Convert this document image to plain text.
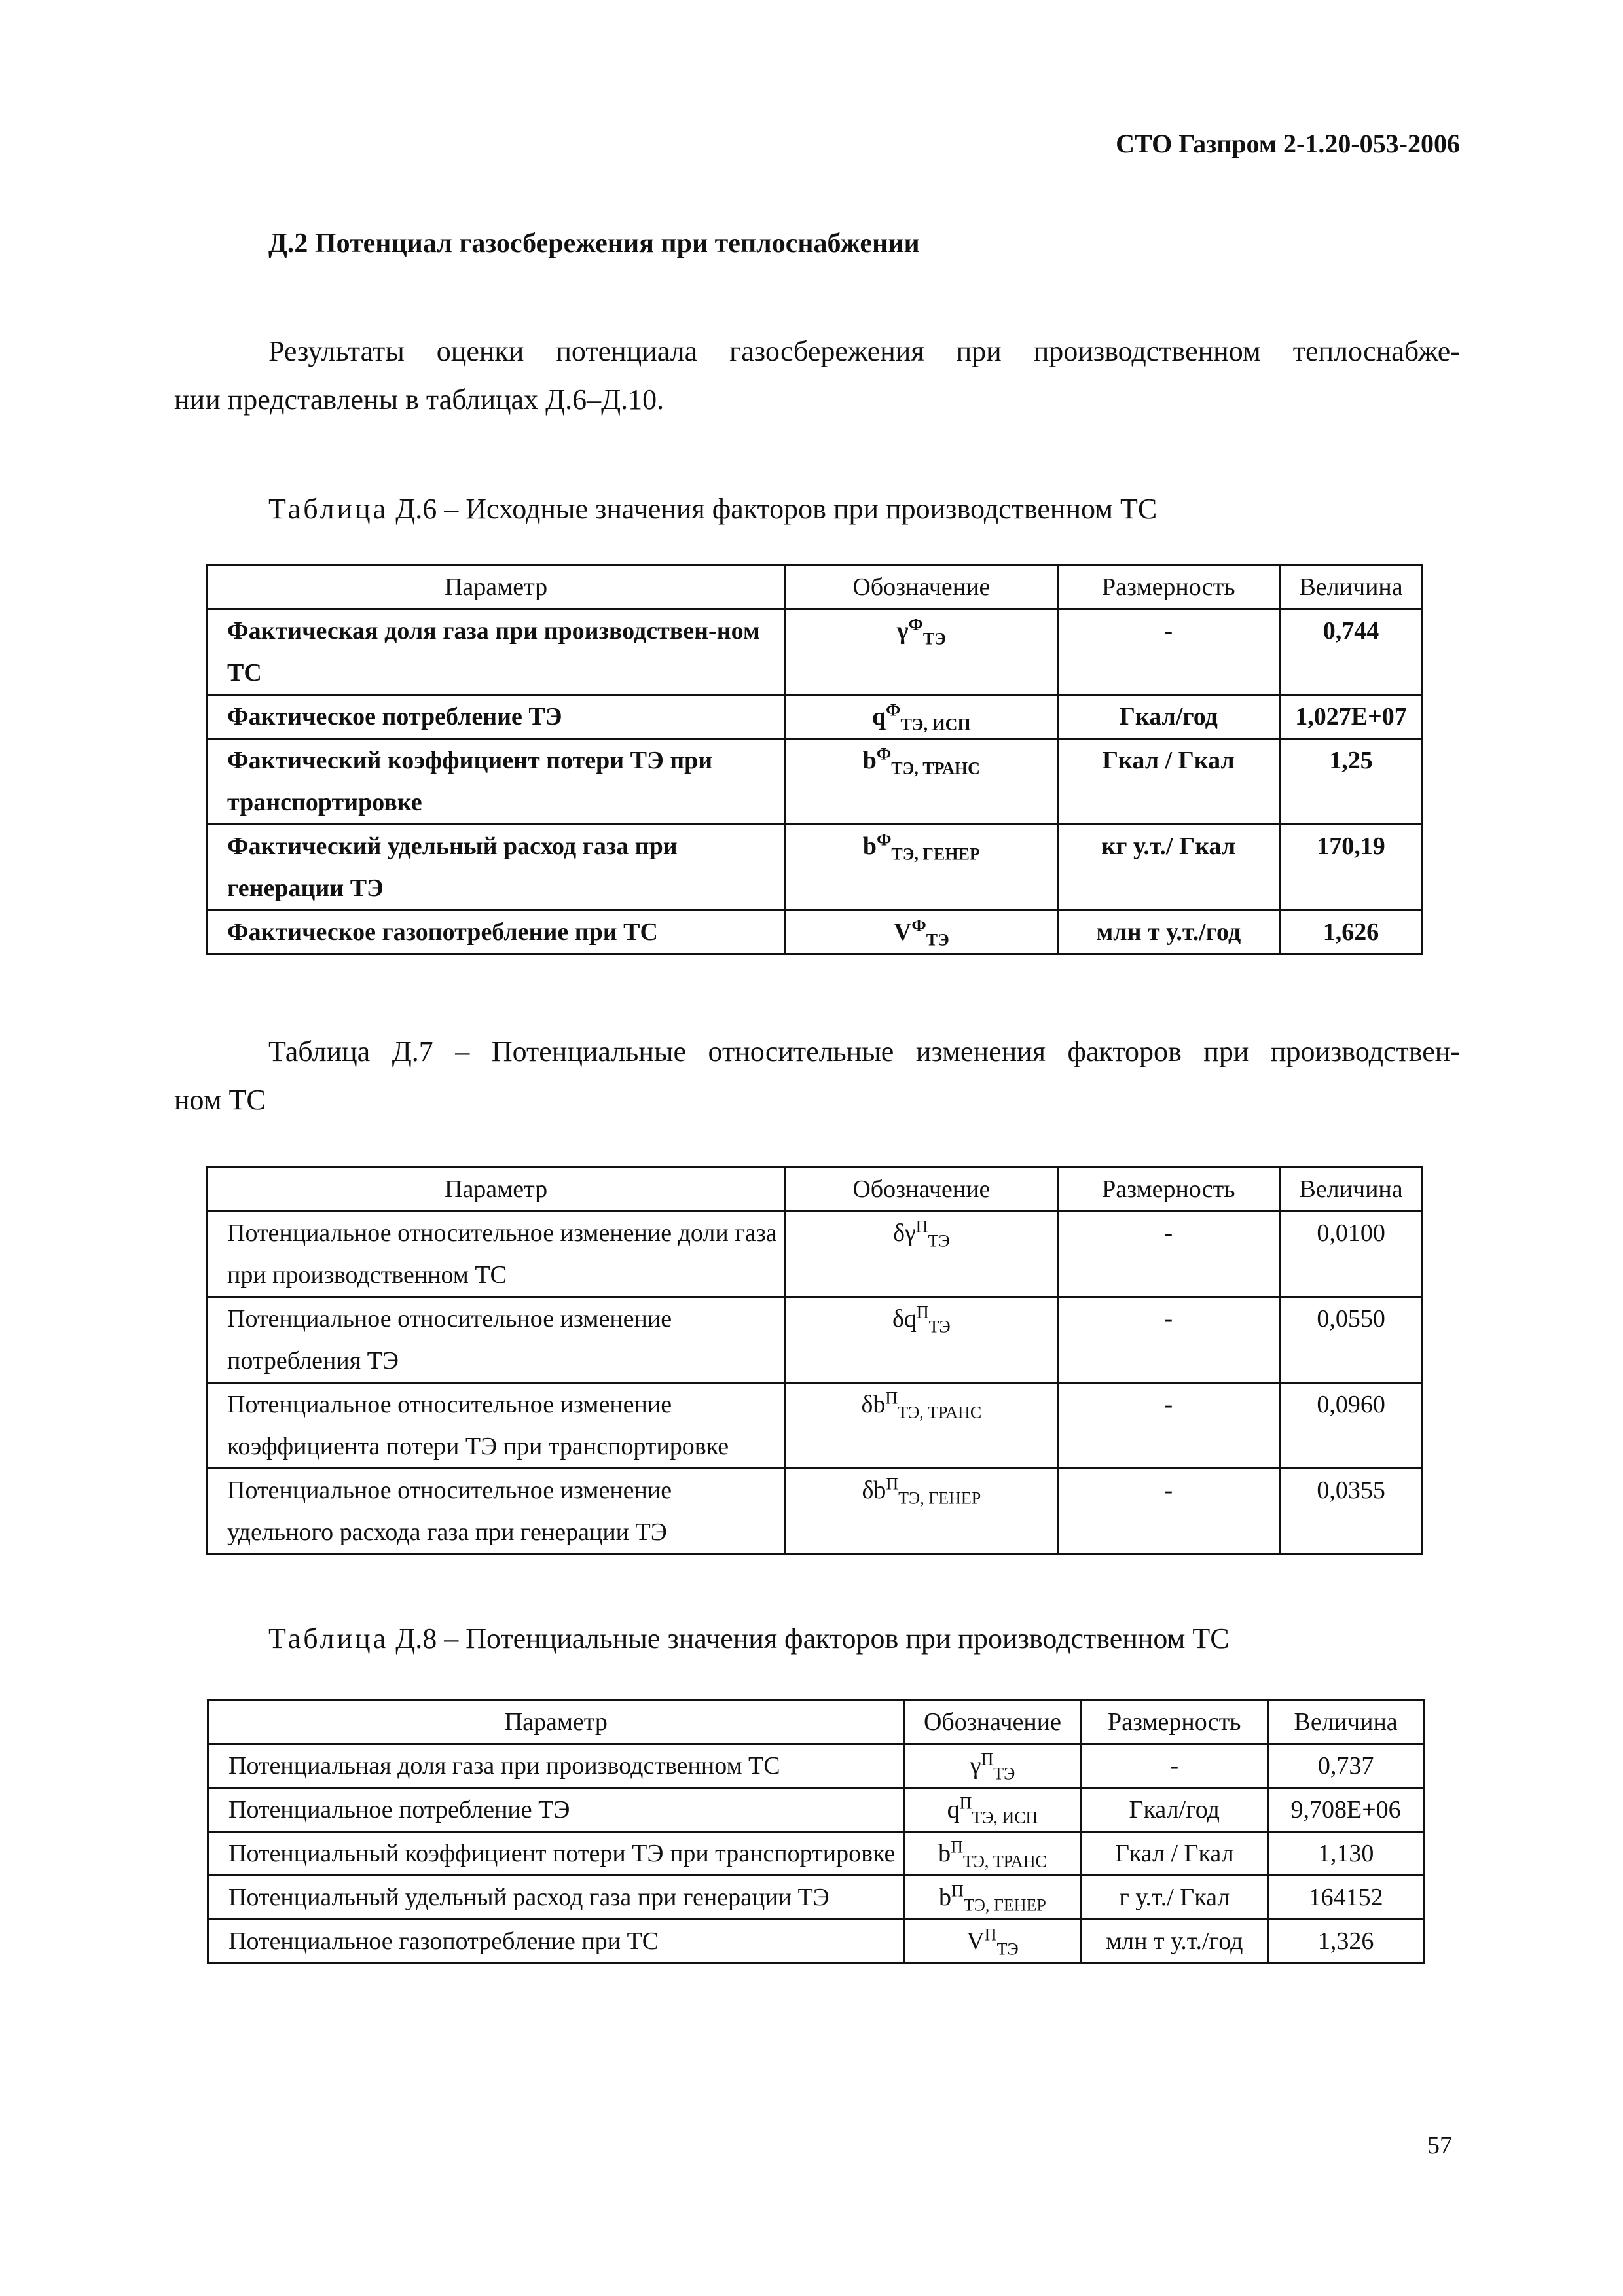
СТО Газпром 2-1.20-053-2006
Д.2 Потенциал газосбережения при теплоснабжении
Результаты оценки потенциала газосбережения при производственном теплоснабже-
нии представлены в таблицах Д.6–Д.10.
Таблица Д.6 – Исходные значения факторов при производственном ТС
Параметр	Обозначение	Размерность	Величина
Фактическая доля газа при производствен-ном ТС	$\gamma^Ф_{ТЭ}$	-	0,744
Фактическое потребление ТЭ	$q^Ф_{ТЭ, ИСП}$	Гкал/год	1,027E+07
Фактический коэффициент потери ТЭ при транспортировке	$b^Ф_{ТЭ, ТРАНС}$	Гкал / Гкал	1,25
Фактический удельный расход газа при генерации ТЭ	$b^Ф_{ТЭ, ГЕНЕР}$	кг у.т./ Гкал	170,19
Фактическое газопотребление при ТС	$V^Ф_{ТЭ}$	млн т у.т./год	1,626
Таблица Д.7 – Потенциальные относительные изменения факторов при производствен-
ном ТС
Параметр	Обозначение	Размерность	Величина
Потенциальное относительное изменение доли газа при производственном ТС	$\delta\gamma^П_{ТЭ}$	-	0,0100
Потенциальное относительное изменение потребления ТЭ	$\delta q^П_{ТЭ}$	-	0,0550
Потенциальное относительное изменение коэффициента потери ТЭ при транспортировке	$\delta b^П_{ТЭ, ТРАНС}$	-	0,0960
Потенциальное относительное изменение удельного расхода газа при генерации ТЭ	$\delta b^П_{ТЭ, ГЕНЕР}$	-	0,0355
Таблица Д.8 – Потенциальные значения факторов при производственном ТС
Параметр	Обозначение	Размерность	Величина
Потенциальная доля газа при производственном ТС	$\gamma^П_{ТЭ}$	-	0,737
Потенциальное потребление ТЭ	$q^П_{ТЭ, ИСП}$	Гкал/год	9,708E+06
Потенциальный коэффициент потери ТЭ при транспортировке	$b^П_{ТЭ, ТРАНС}$	Гкал / Гкал	1,130
Потенциальный удельный расход газа при генерации ТЭ	$b^П_{ТЭ, ГЕНЕР}$	г у.т./ Гкал	164152
Потенциальное газопотребление при ТС	$V^П_{ТЭ}$	млн т у.т./год	1,326
57
